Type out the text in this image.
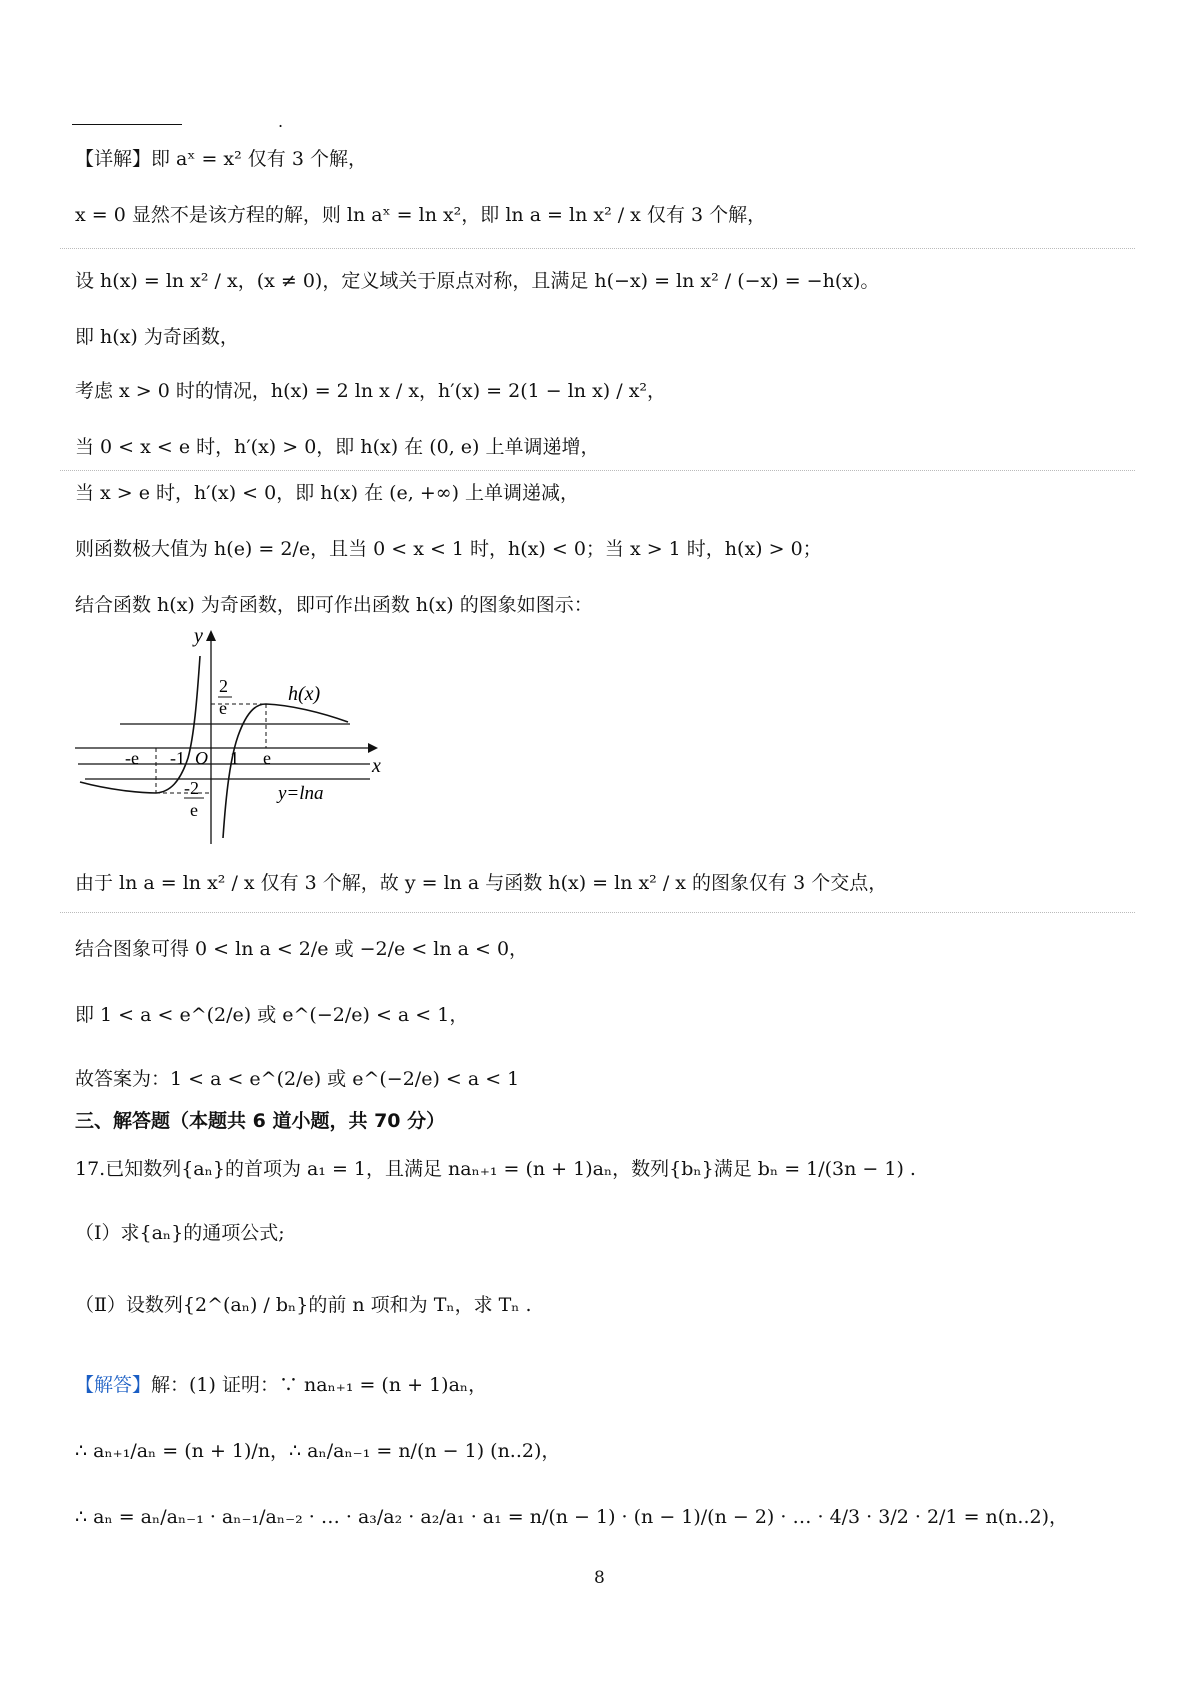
.
【详解】即 aˣ = x² 仅有 3 个解，
x = 0 显然不是该方程的解，则 ln aˣ = ln x²，即 ln a = ln x² / x 仅有 3 个解，
设 h(x) = ln x² / x，(x ≠ 0)，定义域关于原点对称，且满足 h(−x) = ln x² / (−x) = −h(x)。
即 h(x) 为奇函数，
考虑 x > 0 时的情况，h(x) = 2 ln x / x，h′(x) = 2(1 − ln x) / x²，
当 0 < x < e 时，h′(x) > 0，即 h(x) 在 (0, e) 上单调递增，
当 x > e 时，h′(x) < 0，即 h(x) 在 (e, +∞) 上单调递减，
则函数极大值为 h(e) = 2/e，且当 0 < x < 1 时，h(x) < 0；当 x > 1 时，h(x) > 0；
结合函数 h(x) 为奇函数，即可作出函数 h(x) 的图象如图示：
y
x
O
h(x)
y=lna
-e -1	1 e
2
e
-2
e
由于 ln a = ln x² / x 仅有 3 个解，故 y = ln a 与函数 h(x) = ln x² / x 的图象仅有 3 个交点，
结合图象可得 0 < ln a < 2/e 或 −2/e < ln a < 0，
即 1 < a < e^(2/e) 或 e^(−2/e) < a < 1，
故答案为：1 < a < e^(2/e) 或 e^(−2/e) < a < 1
三、解答题（本题共 6 道小题，共 70 分）
17.已知数列{aₙ}的首项为 a₁ = 1，且满足 naₙ₊₁ = (n + 1)aₙ，数列{bₙ}满足 bₙ = 1/(3n − 1) .
（Ⅰ）求{aₙ}的通项公式;
（Ⅱ）设数列{2^(aₙ) / bₙ}的前 n 项和为 Tₙ，求 Tₙ .
【解答】解：(1) 证明：∵ naₙ₊₁ = (n + 1)aₙ，
∴ aₙ₊₁/aₙ = (n + 1)/n，∴ aₙ/aₙ₋₁ = n/(n − 1) (n..2)，
∴ aₙ = aₙ/aₙ₋₁ · aₙ₋₁/aₙ₋₂ · … · a₃/a₂ · a₂/a₁ · a₁ = n/(n − 1) · (n − 1)/(n − 2) · … · 4/3 · 3/2 · 2/1 = n(n..2)，
8
